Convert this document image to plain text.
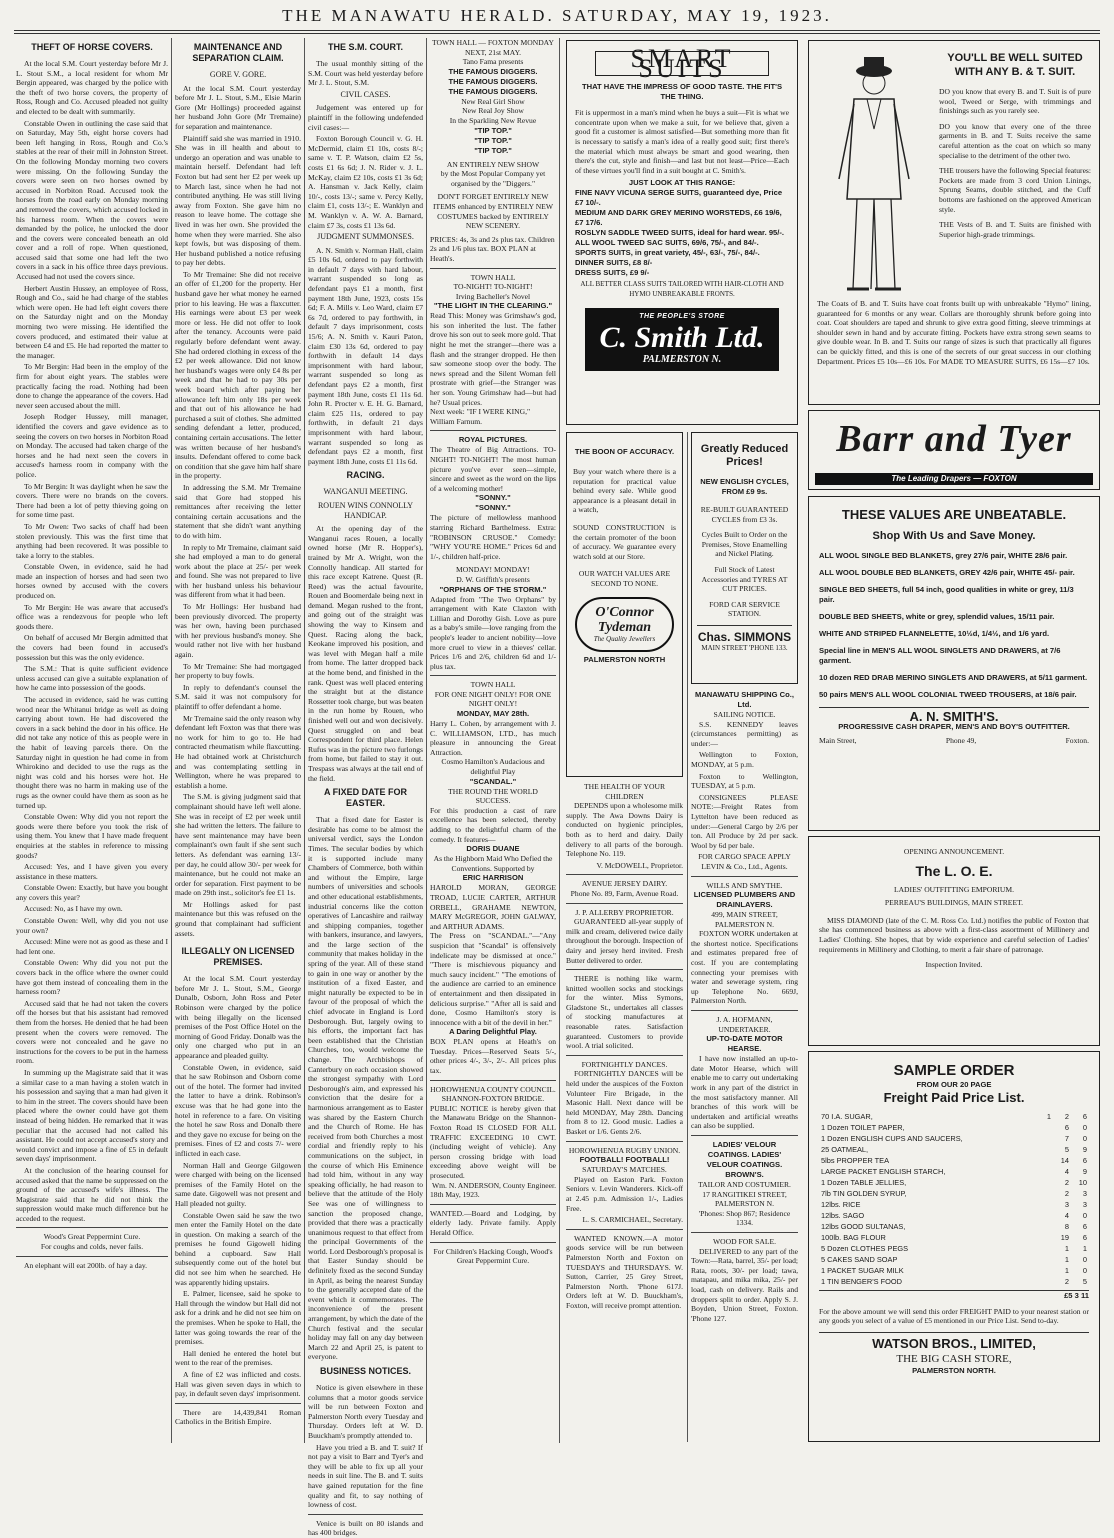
THE MANAWATU HERALD. SATURDAY, MAY 19, 1923.
THEFT OF HORSE COVERS.

At the local S.M. Court yesterday before Mr J. L. Stout S.M., a local resident for whom Mr Bergin appeared, was charged by the police with the theft of two horse covers, the property of Ross, Rough and Co. Accused pleaded not guilty and elected to be dealt with summarily.

Constable Owen in outlining the case said that on Saturday, May 5th, eight horse covers had been left hanging in Ross, Rough and Co.'s stables at the rear of their mill in Johnston Street. On the following Monday morning two covers were missing. On the following Sunday the covers were seen on two horses owned by accused in Norbiton Road. Accused took the horses from the road early on Monday morning and removed the covers, which accused locked in his harness room. When the covers were demanded by the police, he unlocked the door and the covers were concealed beneath an old cover and a roll of rope. When questioned, accused said that some one had left the two covers in a sack in his office three days previous. Accused had not used the covers since.

Herbert Austin Hussey, an employee of Ross, Rough and Co., said he had charge of the stables which were open. He had left eight covers there on the Saturday night and on the Monday morning two were missing. He identified the covers produced, and estimated their value at between £4 and £5. He had reported the matter to the manager.

To Mr Bergin: Had been in the employ of the firm for about eight years. The stables were practically facing the road. Nothing had been done to change the appearance of the covers. Had never seen accused about the mill.

Joseph Rodger Hussey, mill manager, identified the covers and gave evidence as to seeing the covers on two horses in Norbiton Road on Monday. The accused had taken charge of the horses and he had next seen the covers in accused's harness room in company with the police.

To Mr Bergin: It was daylight when he saw the covers. There were no brands on the covers. There had been a lot of petty thieving going on for some time past.

To Mr Owen: Two sacks of chaff had been stolen previously. This was the first time that anything had been recovered. It was possible to take a lorry to the stables.

Constable Owen, in evidence, said he had made an inspection of horses and had seen two horses owned by accused with the covers produced on.

To Mr Bergin: He was aware that accused's office was a rendezvous for people who left goods there.

On behalf of accused Mr Bergin admitted that the covers had been found in accused's possession but this was the only evidence.

The S.M.: That is quite sufficient evidence unless accused can give a suitable explanation of how he came into possession of the goods.

The accused in evidence, said he was cutting wood near the Whitanui bridge as well as doing carrying about town. He had discovered the covers in a sack behind the door in his office. He did not take any notice of this as people were in the habit of leaving parcels there. On the Saturday night in question he had come in from Whirokino and decided to use the rugs as the night was cold and his horses were hot. He thought there was no harm in making use of the rugs as the owner could have them as soon as he turned up.

Constable Owen: Why did you not report the goods were there before you took the risk of using them. You knew that I have made frequent enquiries at the stables in reference to missing goods?

Accused: Yes, and I have given you every assistance in these matters.

Constable Owen: Exactly, but have you bought any covers this year?

Accused: No, as I have my own.

Constable Owen: Well, why did you not use your own?

Accused: Mine were not as good as these and I had lent one.

Constable Owen: Why did you not put the covers back in the office where the owner could have got them instead of concealing them in the harness room?

Accused said that he had not taken the covers off the horses but that his assistant had removed them from the horses. He denied that he had been present when the covers were removed. The covers were not concealed and he gave no instructions for the covers to be put in the harness room.

In summing up the Magistrate said that it was a similar case to a man having a stolen watch in his possession and saying that a man had given it to him in the street. The covers should have been placed where the owner could have got them instead of being hidden. He remarked that it was peculiar that the accused had not called his assistant. He could not accept accused's story and would convict and impose a fine of £5 in default seven days' imprisonment.

At the conclusion of the hearing counsel for accused asked that the name be suppressed on the ground of the accused's wife's illness. The Magistrate said that he did not think the suppression would make much difference but he acceded to the request.

Wood's Great Peppermint Cure.
For coughs and colds, never fails.

An elephant will eat 200lb. of hay a day.

MAINTENANCE AND SEPARATION CLAIM.
GORE V. GORE.

At the local S.M. Court yesterday before Mr J. L. Stout, S.M., Elsie Marin Gore (Mr Hollings) proceeded against her husband John Gore (Mr Tremaine) for separation and maintenance.

Plaintiff said she was married in 1910. She was in ill health and about to undergo an operation and was unable to maintain herself. Defendant had left Foxton but had sent her £2 per week up to March last, since when he had not contributed anything. He was still living away from Foxton. She gave him no reason to leave home. The cottage she lived in was her own. She provided the home when they were married. She also kept fowls, but was disposing of them. Her husband published a notice refusing to pay her debts.

To Mr Tremaine: She did not receive an offer of £1,200 for the property. Her husband gave her what money he earned prior to his leaving. He was a flaxcutter. His earnings were about £3 per week more or less. He did not offer to look after the tenancy. Accounts were paid regularly before defendant went away. She had ordered clothing in excess of the £2 per week allowance. Did not know her husband's wages were only £4 8s per week and that he had to pay 30s per week board which after paying her allowance left him only 18s per week and that out of his allowance he had purchased a suit of clothes. She admitted sending defendant a letter, produced, containing certain accusations. The letter was written because of her husband's insults. Defendant offered to come back on condition that she gave him half share in the property.

In addressing the S.M. Mr Tremaine said that Gore had stopped his remittances after receiving the letter containing certain accusations and the statement that she didn't want anything to do with him.

In reply to Mr Tremaine, claimant said she had employed a man to do general work about the place at 25/- per week and found. She was not prepared to live with her husband unless his behaviour was different from what it had been.

To Mr Hollings: Her husband had been previously divorced. The property was her own, having been purchased with her previous husband's money. She would rather not live with her husband again.

To Mr Tremaine: She had mortgaged her property to buy fowls.

In reply to defendant's counsel the S.M. said it was not compulsory for plaintiff to offer defendant a home.

Mr Tremaine said the only reason why defendant left Foxton was that there was no work for him to go to. He had contracted rheumatism while flaxcutting. He had obtained work at Christchurch and was contemplating settling in Wellington, where he was prepared to establish a home.

The S.M. is giving judgment said that complainant should have left well alone. She was in receipt of £2 per week until she had written the letters. The failure to have sent maintenance may have been complainant's own fault if she sent such letters. As defendant was earning 13/- per day, he could allow 30/- per week for maintenance, but he could not make an order for separation. First payment to be made on 29th inst., solicitor's fee £1 1s.

Mr Hollings asked for past maintenance but this was refused on the ground that complainant had sufficient assets.

ILLEGALLY ON LICENSED PREMISES.

At the local S.M. Court yesterday before Mr J. L. Stout, S.M., George Dunalb, Osborn, John Ross and Peter Robinson were charged by the police with being illegally on the licensed premises of the Post Office Hotel on the morning of Good Friday. Donalb was the only one charged who put in an appearance and pleaded guilty.

Constable Owen, in evidence, said that he saw Robinson and Osborn come out of the hotel. The former had invited the latter to have a drink. Robinson's excuse was that he had gone into the hotel in reference to a fare. On visiting the hotel he saw Ross and Donalb there and they gave no excuse for being on the premises. Fines of £2 and costs 7/- were inflicted in each case.

Norman Hall and George Gilgowen were charged with being on the licensed premises of the Family Hotel on the same date. Gigowell was not present and Hall pleaded not guilty.

Constable Owen said he saw the two men enter the Family Hotel on the date in question. On making a search of the premises he found Gigowell hiding behind a cupboard. Saw Hall subsequently come out of the hotel but did not see him when he searched. He was apparently hiding upstairs.

E. Palmer, licensee, said he spoke to Hall through the window but Hall did not ask for a drink and he did not see him on the premises. When he spoke to Hall, the latter was going towards the rear of the premises.

Hall denied he entered the hotel but went to the rear of the premises.

A fine of £2 was inflicted and costs. Hall was given seven days in which to pay, in default seven days' imprisonment.

There are 14,439,841 Roman Catholics in the British Empire.

THE S.M. COURT.

The usual monthly sitting of the S.M. Court was held yesterday before Mr J. L. Stout, S.M.

CIVIL CASES.

Judgement was entered up for plaintiff in the following undefended civil cases:—

Foxton Borough Council v. G. H. McDermid, claim £1 10s, costs 8/-; same v. T. P. Watson, claim £2 5s, costs £1 6s 6d; J. N. Rider v. J. L. McKay, claim £2 10s, costs £1 3s 6d; A. Hansman v. Jack Kelly, claim 10/-, costs 13/-; same v. Percy Kelly, claim £1, costs 13/-; E. Wanklyn and M. Wanklyn v. A. W. A. Barnard, claim £7 3s, costs £1 13s 6d.

JUDGMENT SUMMONSES.

A. N. Smith v. Norman Hall, claim £5 10s 6d, ordered to pay forthwith in default 7 days with hard labour, warrant suspended so long as defendant pays £1 a month, first payment 18th June, 1923, costs 15s 6d; F. A. Mills v. Leo Ward, claim £7 6s 7d, ordered to pay forthwith, in default 7 days imprisonment, costs 15/6; A. N. Smith v. Kauri Paton, claim £30 13s 6d, ordered to pay forthwith in default 14 days imprisonment with hard labour, warrant suspended so long as defendant pays £2 a month, first payment 18th June, costs £1 11s 6d. John R. Procter v. E. H. G. Barnard, claim £25 11s, ordered to pay forthwith, in default 21 days imprisonment with hard labour, warrant suspended so long as defendant pays £2 a month, first payment 18th June, costs £1 11s 6d.

RACING.
WANGANUI MEETING.
ROUEN WINS CONNOLLY HANDICAP.

At the opening day of the Wanganui races Rouen, a locally owned horse (Mr R. Hopper's), trained by Mr A. Wright, won the Connolly handicap. All started for this race except Katrene. Quest (R. Reed) was the actual favourite, Rouen and Boomerdale being next in demand. Megan rushed to the front, and going out of the straight was showing the way to Kinsem and Quest. Racing along the back, Keokane improved his position, and was level with Megan half a mile from home. The latter dropped back at the home bend, and finished in the rank. Quest was well placed entering the straight but at the distance Rossetter took charge, but was beaten in the run home by Rouen, who finished well out and won decisively. Quest struggled on and beat Correspondent for third place. Helen Rufus was in the picture two furlongs from home, but failed to stay it out. Trespass was always at the tail end of the field.

A FIXED DATE FOR EASTER.

That a fixed date for Easter is desirable has come to be almost the universal verdict, says the London Times. The secular bodies by which it is supported include many Chambers of Commerce, both within and without the Empire, large numbers of universities and schools and other educational establishments, industrial concerns like the cotton operatives of Lancashire and railway and shipping companies, together with bankers, insurance, and lawyers, and the large section of the community that makes holiday in the spring of the year. All of these stand to gain in one way or another by the institution of a fixed Easter, and might naturally be expected to be in favour of the proposal of which the chief advocate in England is Lord Desborough. But, largely owing to his efforts, the important fact has been established that the Christian Churches, too, would welcome the change. The Archbishops of Canterbury on each occasion showed the strongest sympathy with Lord Desborough's aim, and expressed his conviction that the desire for a harmonious arrangement as to Easter was shared by the Eastern Church and the Church of Rome. He has received from both Churches a most cordial and friendly reply to his communications on the subject, in the course of which His Eminence had told him, without in any way speaking officially, he had reason to believe that the attitude of the Holy See was one of willingness to sanction the proposed change, provided that there was a practically unanimous request to that effect from the principal Governments of the world. Lord Desborough's proposal is that Easter Sunday should be definitely fixed as the second Sunday in April, as being the nearest Sunday to the generally accepted date of the event which it commemorates. The inconvenience of the present arrangement, by which the date of the Church festival and the secular holiday may fall on any day between March 22 and April 25, is patent to everyone.

BUSINESS NOTICES.

Notice is given elsewhere in these columns that a motor goods service will be run between Foxton and Palmerston North every Tuesday and Thursday. Orders left at W. D. Buuckham's promptly attended to.

Have you tried a B. and T. suit? If not pay a visit to Barr and Tyer's and they will be able to fix up all your needs in suit line. The B. and T. suits have gained reputation for the fine quality and fit, to say nothing of lowness of cost.

Venice is built on 80 islands and has 400 bridges.

TOWN HALL — FOXTON MONDAY NEXT, 21st MAY.
Tano Fama presents
THE FAMOUS DIGGERS.
THE FAMOUS DIGGERS.
THE FAMOUS DIGGERS.
New Real Girl Show
New Real Joy Show
In the Sparkling New Revue
"TIP TOP."
"TIP TOP."
"TIP TOP."
AN ENTIRELY NEW SHOW
by the Most Popular Company yet organised by the "Diggers."
DON'T FORGET ENTIRELY NEW ITEMS enhanced by ENTIRELY NEW COSTUMES backed by ENTIRELY NEW SCENERY.
PRICES: 4s, 3s and 2s plus tax. Children 2s and 1/6 plus tax. BOX PLAN at Heath's.
TOWN HALL
TO-NIGHT! TO-NIGHT!
Irving Bacheller's Novel
"THE LIGHT IN THE CLEARING."
Read This: Money was Grimshaw's god, his son inherited the lust. The father drove his son out to seek more gold. That night he met the stranger—there was a flash and the stranger dropped. He then saw someone stoop over the body. The news spread and the Silent Woman fell prostrate with grief—the Stranger was her son. Young Grimshaw had—but had he? Usual prices.
Next week: "IF I WERE KING," William Farnum.
ROYAL PICTURES.
The Theatre of Big Attractions. TO-NIGHT! TO-NIGHT! The most human picture you've ever seen—simple, sincere and sweet as the word on the lips of a welcoming mother!
"SONNY."
"SONNY."
The picture of mellowless manhood starring Richard Barthelmess. Extra: "ROBINSON CRUSOE." Comedy: "WHY YOU'RE HOME." Prices 6d and 1/-, children half-price.
MONDAY! MONDAY!
D. W. Griffith's presents
"ORPHANS OF THE STORM."
Adapted from "The Two Orphans" by arrangement with Kate Claxton with Lillian and Dorothy Gish. Love as pure as a baby's smile—love ranging from the people's leader to ancient nobility—love more cruel to view in a thieves' cellar. Prices 1/6 and 2/6, children 6d and 1/- plus tax.
TOWN HALL
FOR ONE NIGHT ONLY! FOR ONE NIGHT ONLY!
MONDAY, MAY 28th.
Harry L. Cohen, by arrangement with J. C. WILLIAMSON, LTD., has much pleasure in announcing the Great Attraction.
Cosmo Hamilton's Audacious and delightful Play
"SCANDAL."
THE ROUND THE WORLD SUCCESS.
For this production a cast of rare excellence has been selected, thereby adding to the delightful charm of the comedy. It features—
DORIS DUANE
As the Highborn Maid Who Defied the Conventions. Supported by
ERIC HARRISON
HAROLD MORAN, GEORGE TROAD, LUCIE CARTER, ARTHUR ORBELL, GRAHAME NEWTON, MARY McGREGOR, JOHN GALWAY, and ARTHUR ADAMS.
The Press on "SCANDAL."—"Any suspicion that "Scandal" is offensively indelicate may be dismissed at once." "There is mischievous piquancy and much saucy incident." "The emotions of the audience are carried to an eminence of entertainment and then dissipated in delicious surprise." "After all is said and done, Cosmo Hamilton's story is innocence with a bit of the devil in her."
A Daring Delightful Play.
BOX PLAN opens at Heath's on Tuesday. Prices—Reserved Seats 5/-, other prices 4/-, 3/-, 2/-. All prices plus tax.
HOROWHENUA COUNTY COUNCIL.
SHANNON-FOXTON BRIDGE.
PUBLIC NOTICE is hereby given that the Manawatu Bridge on the Shannon-Foxton Road IS CLOSED FOR ALL TRAFFIC EXCEEDING 10 CWT. (including weight of vehicle). Any person crossing bridge with load exceeding above weight will be prosecuted.
Wm. N. ANDERSON, County Engineer.
18th May, 1923.
WANTED.—Board and Lodging, by elderly lady. Private family. Apply Herald Office.
For Children's Hacking Cough, Wood's Great Peppermint Cure.
SMART SUITS
THAT HAVE THE IMPRESS OF GOOD TASTE. THE FIT'S THE THING.
Fit is uppermost in a man's mind when he buys a suit—Fit is what we concentrate upon when we make a suit, for we believe that, given a good fit a customer is almost satisfied—But something more than fit is necessary to satisfy a man's idea of a really good suit; first there's the material which must always be smart and good wearing, then there's the cut, style and finish—and last but not least—Price—Each of these virtues you'll find in a suit bought at C. Smith's.
JUST LOOK AT THIS RANGE:
FINE NAVY VICUNA SERGE SUITS, guaranteed dye, Price £7 10/-.
MEDIUM AND DARK GREY MERINO WORSTEDS, £6 19/6, £7 17/6.
ROSLYN SADDLE TWEED SUITS, ideal for hard wear. 95/-.
ALL WOOL TWEED SAC SUITS, 69/6, 75/-, and 84/-.
SPORTS SUITS, in great variety, 45/-, 63/-, 75/-, 84/-.
DINNER SUITS, £8 8/-
DRESS SUITS, £9 9/-
ALL BETTER CLASS SUITS TAILORED WITH HAIR-CLOTH AND HYMO UNBREAKABLE FRONTS.
THE PEOPLE'S STORE
C. Smith Ltd.
PALMERSTON N.
THE BOON OF ACCURACY.
Buy your watch where there is a reputation for practical value behind every sale. While good appearance is a pleasant detail in a watch,
SOUND CONSTRUCTION is the certain promoter of the boon of accuracy. We guarantee every watch sold at our Store.
OUR WATCH VALUES ARE SECOND TO NONE.
O'Connor Tydeman
The Quality Jewellers
PALMERSTON NORTH
THE HEALTH OF YOUR CHILDREN

DEPENDS upon a wholesome milk supply. The Awa Downs Dairy is conducted on hygienic principles, both as to herd and dairy. Daily delivery to all parts of the borough. Telephone No. 119.

V. McDOWELL, Proprietor.
AVENUE JERSEY DAIRY.
Phone No. 89, Farm, Avenue Road.
J. P. ALLERBY PROPRIETOR.

GUARANTEED all-year supply of milk and cream, delivered twice daily throughout the borough. Inspection of dairy and jersey herd invited. Fresh Butter delivered to order.

THERE is nothing like warm, knitted woollen socks and stockings for the winter. Miss Symons, Gladstone St., undertakes all classes of stocking manufactures at reasonable rates. Satisfaction guaranteed. Customers to provide wool. A trial solicited.

FORTNIGHTLY DANCES.

FORTNIGHTLY DANCES will be held under the auspices of the Foxton Volunteer Fire Brigade, in the Masonic Hall. Next dance will be held MONDAY, May 28th. Dancing from 8 to 12. Good music. Ladies a Basket or 1/6. Gents 2/6.

HOROWHENUA RUGBY UNION.
FOOTBALL! FOOTBALL!
SATURDAY'S MATCHES.

Played on Easton Park. Foxton Seniors v. Levin Wanderers. Kick-off at 2.45 p.m. Admission 1/-, Ladies Free.

L. S. CARMICHAEL, Secretary.

WANTED KNOWN.—A motor goods service will be run between Palmerston North and Foxton on TUESDAYS and THURSDAYS. W. Sutton, Carrier, 25 Grey Street, Palmerston North. 'Phone 617J. Orders left at W. D. Buuckham's, Foxton, will receive prompt attention.

Greatly Reduced Prices!
NEW ENGLISH CYCLES, FROM £9 9s.
RE-BUILT GUARANTEED CYCLES from £3 3s.
Cycles Built to Order on the Premises, Stove Enamelling and Nickel Plating.
Full Stock of Latest Accessories and TYRES AT CUT PRICES.
FORD CAR SERVICE STATION.
Chas. SIMMONS
MAIN STREET 'PHONE 133.
MANAWATU SHIPPING Co., Ltd.
SAILING NOTICE.

S.S. KENNEDY leaves (circumstances permitting) as under:—

Wellington to Foxton, MONDAY, at 5 p.m.

Foxton to Wellington, TUESDAY, at 5 p.m.

CONSIGNEES PLEASE NOTE:—Freight Rates from Lyttelton have been reduced as under:—General Cargo by 2/6 per ton. All Produce by 2d per sack. Wool by 6d per bale.

FOR CARGO SPACE APPLY LEVIN & Co., Ltd., Agents.
WILLS AND SMYTHE.
LICENSED PLUMBERS AND DRAINLAYERS.
499, MAIN STREET, PALMERSTON N.

FOXTON WORK undertaken at the shortest notice. Specifications and estimates prepared free of cost. If you are contemplating connecting your premises with water and sewerage system, ring up Telephone No. 669J, Palmerston North.

J. A. HOFMANN, UNDERTAKER.
UP-TO-DATE MOTOR HEARSE.

I have now installed an up-to-date Motor Hearse, which will enable me to carry out undertaking work in any part of the district in the most satisfactory manner. All branches of this work will be undertaken and artificial wreaths can also be supplied.

LADIES' VELOUR COATINGS. LADIES' VELOUR COATINGS.
BROWN'S.
TAILOR AND COSTUMIER.
17 RANGITIKEI STREET, PALMERSTON N.
'Phones: Shop 867; Residence 1334.
WOOD FOR SALE.

DELIVERED to any part of the Town:—Rata, barrel, 35/- per load; Rata, roots, 30/- per load; tawa, matapau, and mika mika, 25/- per load, cash on delivery. Rails and droppers split to order. Apply S. J. Boyden, Union Street, Foxton. 'Phone 127.

YOU'LL BE WELL SUITED WITH ANY B. & T. SUIT.

DO you know that every B. and T. Suit is of pure wool, Tweed or Serge, with trimmings and finishings such as you rarely see.

DO you know that every one of the three garments in B. and T. Suits receive the same careful attention as the coat on which so many specialise to the detriment of the other two.

THE trousers have the following Special features: Pockets are made from 3 cord Union Linings, Sprung Seams, double stitched, and the Cuff bottoms are fashioned on the approved American style.

THE Vests of B. and T. Suits are finished with Superior high-grade trimmings.

The Coats of B. and T. Suits have coat fronts built up with unbreakable "Hymo" lining, guaranteed for 6 months or any wear. Collars are thoroughly shrunk before going into coat. Coat shoulders are taped and shrunk to give extra good fitting, sleeve trimmings at shoulder sewn in hand and by accurate fitting. Pockets have extra strong sewn seams to give double wear. In B. and T. Suits our range of sizes is such that practically all figures can be quickly fitted, and this is one of the secrets of our great success in our clothing Department. Prices £5 10s—£6 10s. For MADE TO MEASURE SUITS, £6 15s—£7 10s.

Barr and Tyer
The Leading Drapers — FOXTON
THESE VALUES ARE UNBEATABLE.
Shop With Us and Save Money.
ALL WOOL SINGLE BED BLANKETS, grey 27/6 pair, WHITE 28/6 pair.
ALL WOOL DOUBLE BED BLANKETS, GREY 42/6 pair, WHITE 45/- pair.
SINGLE BED SHEETS, full 54 inch, good qualities in white or grey, 11/3 pair.
DOUBLE BED SHEETS, white or grey, splendid values, 15/11 pair.
WHITE AND STRIPED FLANNELETTE, 10½d, 1/4½, and 1/6 yard.
Special line in MEN'S ALL WOOL SINGLETS AND DRAWERS, at 7/6 garment.
10 dozen RED DRAB MERINO SINGLETS AND DRAWERS, at 5/11 garment.
50 pairs MEN'S ALL WOOL COLONIAL TWEED TROUSERS, at 18/6 pair.
A. N. SMITH'S.
PROGRESSIVE CASH DRAPER, MEN'S AND BOY'S OUTFITTER.
Main Street,	Phone 49,	Foxton.
OPENING ANNOUNCEMENT.
The L. O. E.
LADIES' OUTFITTING EMPORIUM.
PERREAU'S BUILDINGS, MAIN STREET.

MISS DIAMOND (late of the C. M. Ross Co. Ltd.) notifies the public of Foxton that she has commenced business as above with a first-class assortment of Millinery and Ladies' Clothing. She hopes, that by wide experience and careful selection of Ladies' requirements in Millinery and Clothing, to merit a fair share of patronage.

Inspection Invited.
SAMPLE ORDER
FROM OUR 20 PAGE
Freight Paid Price List.
70 I.A. SUGAR,	1	2	6
1 Dozen TOILET PAPER,		6	0
1 Dozen ENGLISH CUPS AND SAUCERS,		7	0
25 OATMEAL,		5	9
5lbs PROPPER TEA		14	6
LARGE PACKET ENGLISH STARCH,		4	9
1 Dozen TABLE JELLIES,		2	10
7lb TIN GOLDEN SYRUP,		2	3
12lbs. RICE		3	3
12lbs. SAGO		4	0
12lbs GOOD SULTANAS,		8	6
100lb. BAG FLOUR		19	6
5 Dozen CLOTHES PEGS		1	1
5 CAKES SAND SOAP		1	0
1 PACKET SUGAR MILK		1	0
1 TIN BENGER'S FOOD		2	5
£5 3 11

For the above amount we will send this order FREIGHT PAID to your nearest station or any goods you select of a value of £5 mentioned in our Price List. Send to-day.

WATSON BROS., LIMITED,
THE BIG CASH STORE,
PALMERSTON NORTH.
